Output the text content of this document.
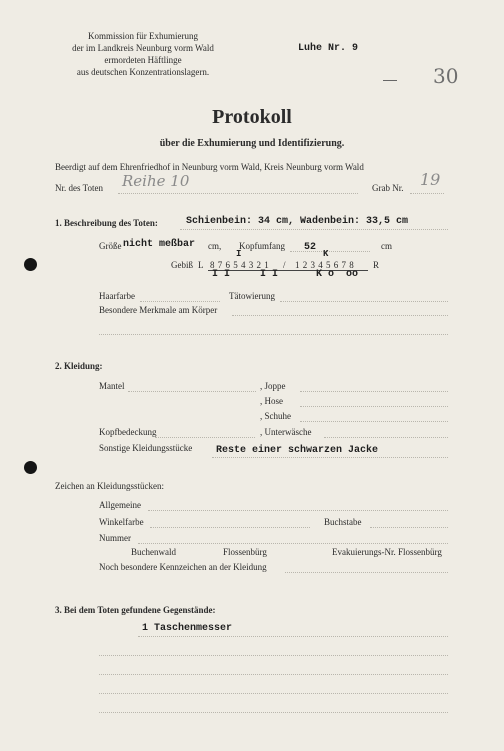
Kommission für Exhumierung
der im Landkreis Neunburg vorm Wald
ermordeten Häftlinge
aus deutschen Konzentrationslagern.
Luhe Nr. 9
30
Protokoll
über die Exhumierung und Identifizierung.
Beerdigt auf dem Ehrenfriedhof in Neunburg vorm Wald, Kreis Neunburg vorm Wald
Nr. des Toten Reihe 10	Grab Nr. 19
1. Beschreibung des Toten:	Schienbein: 34 cm, Wadenbein: 33,5 cm
Größe nicht meßbar cm, Kopfumfang 52	cm
I	K
Gebiß L 8 7 6 5 4 3 2 1 / 1 2 3 4 5 6 7 8 R
I I     I I	K o  oo
Haarfarbe	Tätowierung
Besondere Merkmale am Körper
2. Kleidung:
Mantel	, Joppe
, Hose
, Schuhe
Kopfbedeckung	, Unterwäsche
Sonstige Kleidungsstücke Reste einer schwarzen Jacke
Zeichen an Kleidungsstücken:
Allgemeine
Winkelfarbe	Buchstabe
Nummer
Buchenwald	Flossenbürg	Evakuierungs-Nr. Flossenbürg
Noch besondere Kennzeichen an der Kleidung
3. Bei dem Toten gefundene Gegenstände:
1 Taschenmesser
